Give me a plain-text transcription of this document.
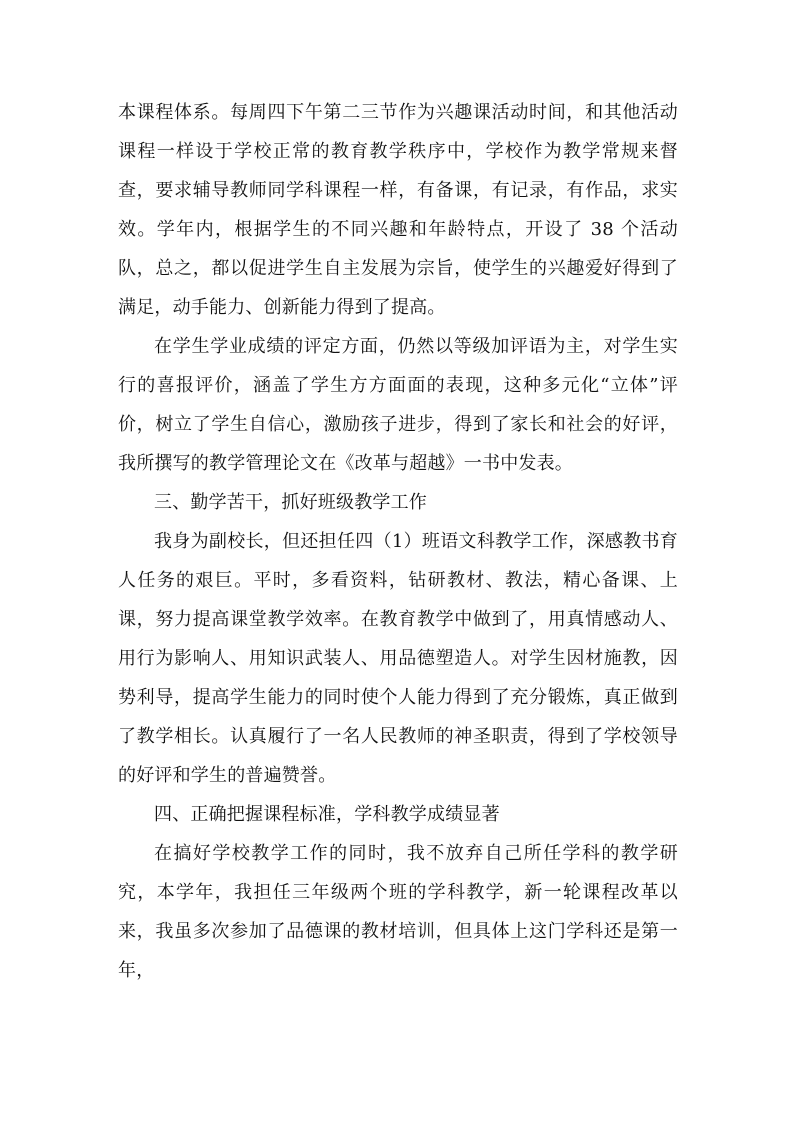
本课程体系。每周四下午第二三节作为兴趣课活动时间，和其他活动课程一样设于学校正常的教育教学秩序中，学校作为教学常规来督查，要求辅导教师同学科课程一样，有备课，有记录，有作品，求实效。学年内，根据学生的不同兴趣和年龄特点，开设了 38 个活动队，总之，都以促进学生自主发展为宗旨，使学生的兴趣爱好得到了满足，动手能力、创新能力得到了提高。

在学生学业成绩的评定方面，仍然以等级加评语为主，对学生实行的喜报评价，涵盖了学生方方面面的表现，这种多元化“立体”评价，树立了学生自信心，激励孩子进步，得到了家长和社会的好评，我所撰写的教学管理论文在《改革与超越》一书中发表。

三、勤学苦干，抓好班级教学工作

我身为副校长，但还担任四（1）班语文科教学工作，深感教书育人任务的艰巨。平时，多看资料，钻研教材、教法，精心备课、上课，努力提高课堂教学效率。在教育教学中做到了，用真情感动人、用行为影响人、用知识武装人、用品德塑造人。对学生因材施教，因势利导，提高学生能力的同时使个人能力得到了充分锻炼，真正做到了教学相长。认真履行了一名人民教师的神圣职责，得到了学校领导的好评和学生的普遍赞誉。

四、正确把握课程标准，学科教学成绩显著

在搞好学校教学工作的同时，我不放弃自己所任学科的教学研究，本学年，我担任三年级两个班的学科教学，新一轮课程改革以来，我虽多次参加了品德课的教材培训，但具体上这门学科还是第一年，
